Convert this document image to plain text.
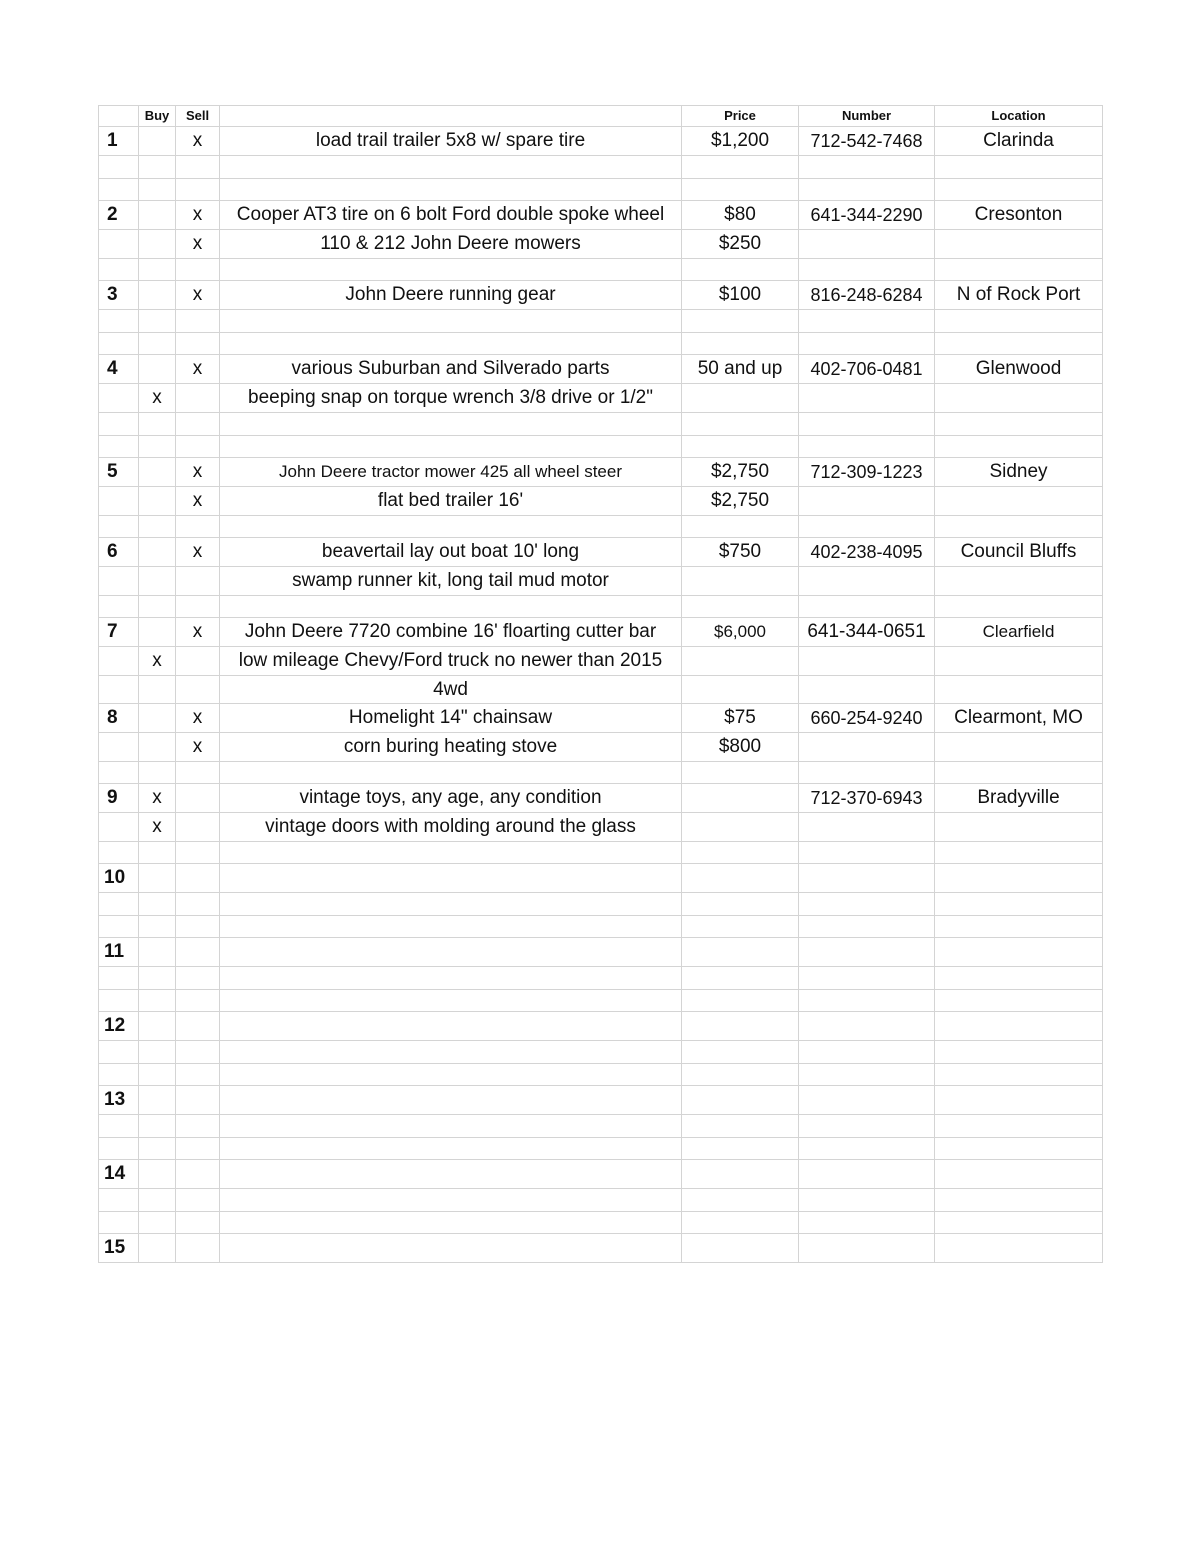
	Buy	Sell		Price	Number	Location
1		x	load trail trailer 5x8 w/ spare tire	$1,200	712-542-7468	Clarinda

2		x	Cooper AT3 tire on 6 bolt Ford double spoke wheel	$80	641-344-2290	Cresonton
		x	110 & 212 John Deere mowers	$250		

3		x	John Deere running gear	$100	816-248-6284	N of Rock Port

4		x	various Suburban and Silverado parts	50 and up	402-706-0481	Glenwood
	x		beeping snap on torque wrench 3/8 drive or 1/2"			

5		x	John Deere tractor mower 425 all wheel steer	$2,750	712-309-1223	Sidney
		x	flat bed trailer 16'	$2,750		

6		x	beavertail lay out boat 10' long	$750	402-238-4095	Council Bluffs
			swamp runner kit, long tail mud motor			

7		x	John Deere 7720 combine 16' floarting cutter bar	$6,000	641-344-0651	Clearfield
	x		low mileage Chevy/Ford truck no newer than 2015			
			4wd			
8		x	Homelight 14" chainsaw	$75	660-254-9240	Clearmont, MO
		x	corn buring heating stove	$800		

9	x		vintage toys, any age, any condition		712-370-6943	Bradyville
	x		vintage doors with molding around the glass			

10						

11						

12						

13						

14						

15						
